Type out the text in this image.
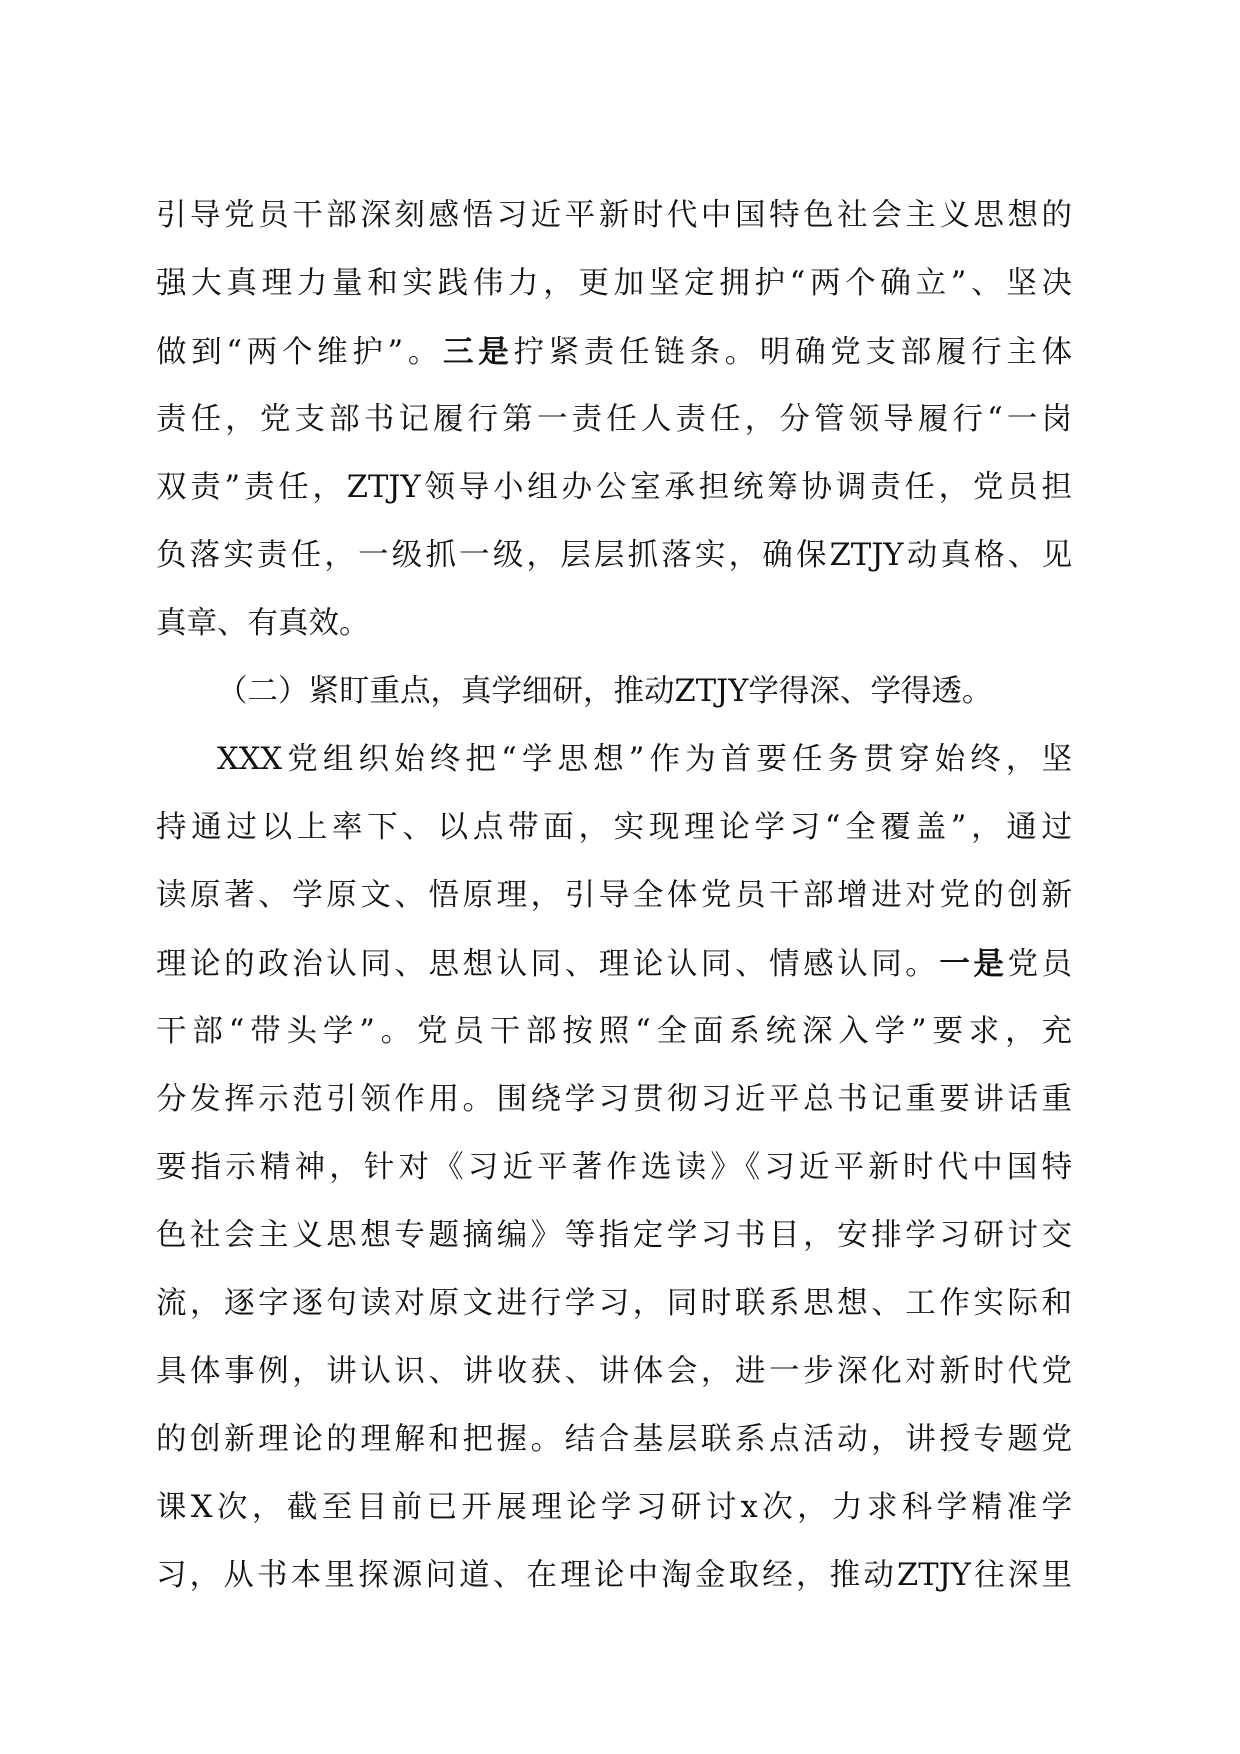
引导党员干部深刻感悟习近平新时代中国特色社会主义思想的
强大真理力量和实践伟力，更加坚定拥护“两个确立”、坚决
做到“两个维护”。三是拧紧责任链条。明确党支部履行主体
责任，党支部书记履行第一责任人责任，分管领导履行“一岗
双责”责任，ZTJY领导小组办公室承担统筹协调责任，党员担
负落实责任，一级抓一级，层层抓落实，确保ZTJY动真格、见
真章、有真效。
（二）紧盯重点，真学细研，推动ZTJY学得深、学得透。
XXX党组织始终把“学思想”作为首要任务贯穿始终，坚
持通过以上率下、以点带面，实现理论学习“全覆盖”，通过
读原著、学原文、悟原理，引导全体党员干部增进对党的创新
理论的政治认同、思想认同、理论认同、情感认同。一是党员
干部“带头学”。党员干部按照“全面系统深入学”要求，充
分发挥示范引领作用。围绕学习贯彻习近平总书记重要讲话重
要指示精神，针对《习近平著作选读》《习近平新时代中国特
色社会主义思想专题摘编》等指定学习书目，安排学习研讨交
流，逐字逐句读对原文进行学习，同时联系思想、工作实际和
具体事例，讲认识、讲收获、讲体会，进一步深化对新时代党
的创新理论的理解和把握。结合基层联系点活动，讲授专题党
课X次，截至目前已开展理论学习研讨x次，力求科学精准学
习，从书本里探源问道、在理论中淘金取经，推动ZTJY往深里
